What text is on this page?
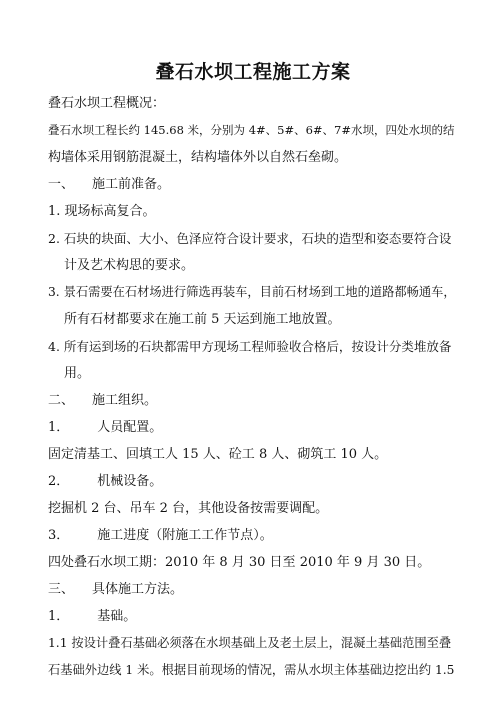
叠石水坝工程施工方案
叠石水坝工程概况：
叠石水坝工程长约 145.68 米，分别为 4#、5#、6#、7#水坝，四处水坝的结
构墙体采用钢筋混凝土，结构墙体外以自然石垒砌。
一、 施工前准备。
1. 现场标高复合。
2. 石块的块面、大小、色泽应符合设计要求，石块的造型和姿态要符合设
计及艺术构思的要求。
3. 景石需要在石材场进行筛选再装车，目前石材场到工地的道路都畅通车，
所有石材都要求在施工前 5 天运到施工地放置。
4. 所有运到场的石块都需甲方现场工程师验收合格后，按设计分类堆放备
用。
二、 施工组织。
1． 人员配置。
固定清基工、回填工人 15 人、砼工 8 人、砌筑工 10 人。
2． 机械设备。
挖掘机 2 台、吊车 2 台，其他设备按需要调配。
3． 施工进度（附施工工作节点）。
四处叠石水坝工期：2010 年 8 月 30 日至 2010 年 9 月 30 日。
三、 具体施工方法。
1． 基础。
1.1 按设计叠石基础必须落在水坝基础上及老土层上，混凝土基础范围至叠
石基础外边线 1 米。根据目前现场的情况，需从水坝主体基础边挖出约 1.5
